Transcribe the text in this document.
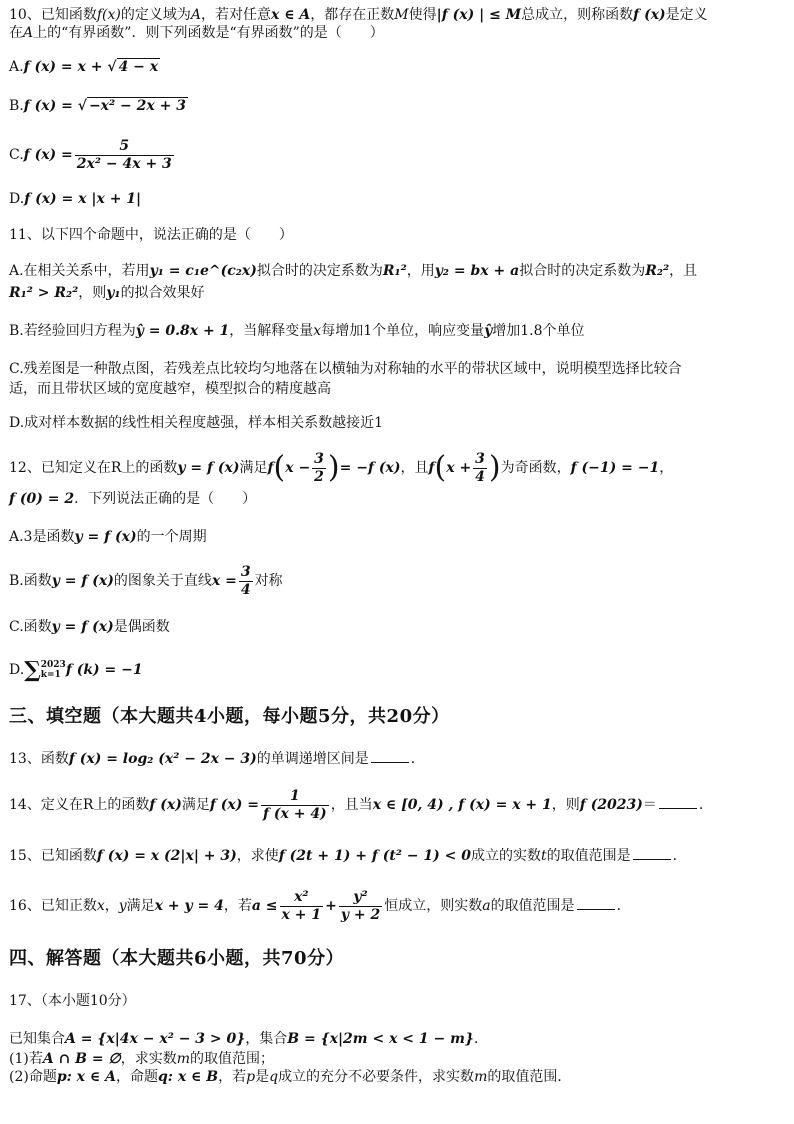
10、已知函数f(x)的定义域为A，若对任意x ∈ A，都存在正数M使得|f (x) | ≤ M总成立，则称函数f (x)是定义
在A上的“有界函数”．则下列函数是“有界函数”的是（　　）
A.f (x) = x + √ 4 − x
B.f (x) = √ −x² − 2x + 3
C.f $(x) = \frac{5}{\text{2x² − 4x + 3}}$
D.f (x) = x |x + 1|
11、以下四个命题中，说法正确的是（　　）
A.在相关关系中，若用y₁ = c₁e^(c₂x)拟合时的决定系数为R₁²，用y₂ = bx + a拟合时的决定系数为R₂²，且
R₁² > R₂²，则y₁的拟合效果好
B.若经验回归方程为ŷ = 0.8x + 1，当解释变量x每增加1个单位，响应变量ŷ增加1.8个单位
C.残差图是一种散点图，若残差点比较均匀地落在以横轴为对称轴的水平的带状区域中，说明模型选择比较合
适，而且带状区域的宽度越窄，模型拟合的精度越高
D.成对样本数据的线性相关程度越强，样本相关系数越接近1
12、已知定义在R上的函数y = f (x)满足$f(x - \frac{3}{2}$ )= −f (x)，且$f(x + \frac{3}{4}$ )为奇函数，f (−1) = −1，
f (0) = 2．下列说法正确的是（　　）
A.3是函数y = f (x)的一个周期
B.函数y = f (x)的图象关于直线$x = \frac{3}{4}$ 对称
C.函数y = f (x)是偶函数
D.∑ 2023
k=1 f (k) = −1
三、填空题（本大题共4小题，每小题5分，共20分）
13、函数f (x) = log₂ (x² − 2x − 3)的单调递增区间是	．
14、定义在R上的函数f (x)满足f $(x) = \frac{1}{f (x + 4)}$ ，且当x ∈ [0, 4) , f (x) = x + 1，则f (2023)＝	．
15、已知函数f (x) = x (2|x| + 3)，求使f (2t + 1) + f (t² − 1) < 0成立的实数t的取值范围是	．
16、已知正数x，y满足x + y = 4，若$a \le \frac{\text{x²}}{x + 1} + \frac{\text{y²}}{y + 2}$ 恒成立，则实数a的取值范围是	．
四、解答题（本大题共6小题，共70分）
17、（本小题10分）
已知集合A = {x|4x − x² − 3 > 0}，集合B = {x|2m < x < 1 − m}．
(1)若A ∩ B = ∅，求实数m的取值范围；
(2)命题p: x ∈ A，命题q: x ∈ B，若p是q成立的充分不必要条件，求实数m的取值范围．
